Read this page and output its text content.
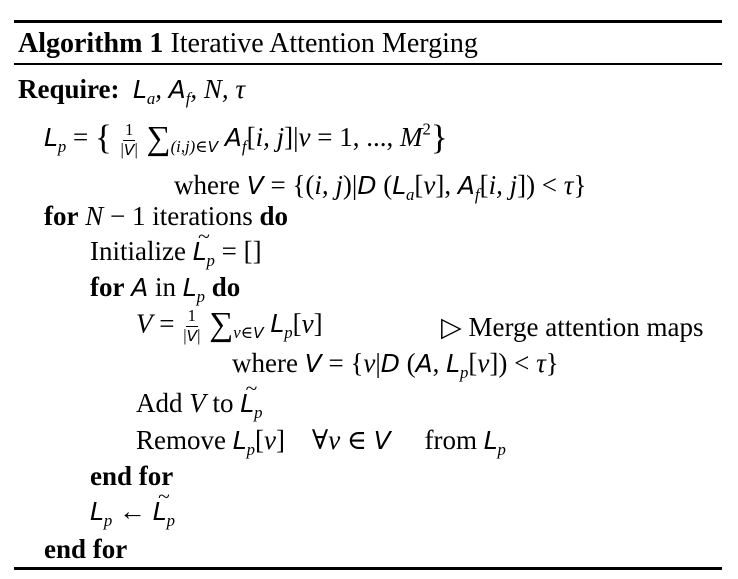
Algorithm 1 Iterative Attention Merging
Require: $L_a$, $A_f$, N, τ
$L_p$ = { $\frac{1}{|V|} \sum_{(i,j)\in V}$ $A_f[i$, j]|v = 1, ..., $M^2$}
where V = {(i, j)|D ($L_a[v]$, $A_f[i$, j]) < τ}
for N − 1 iterations do
Initialize ~ $L_p$ = []
for A in $L_p$ do
$V = \frac{1}{|V|} \sum_{v\in V}$ $L_p[v]$	▷ Merge attention maps
where V = {v|D (A, $L_p[v]) < \tau$}
Add V to ~ $L_p$
Remove $L_p[v]$    ∀v ∈ V from $L_p$
end for
$L_p$ ← ~ $L_p$
end for
